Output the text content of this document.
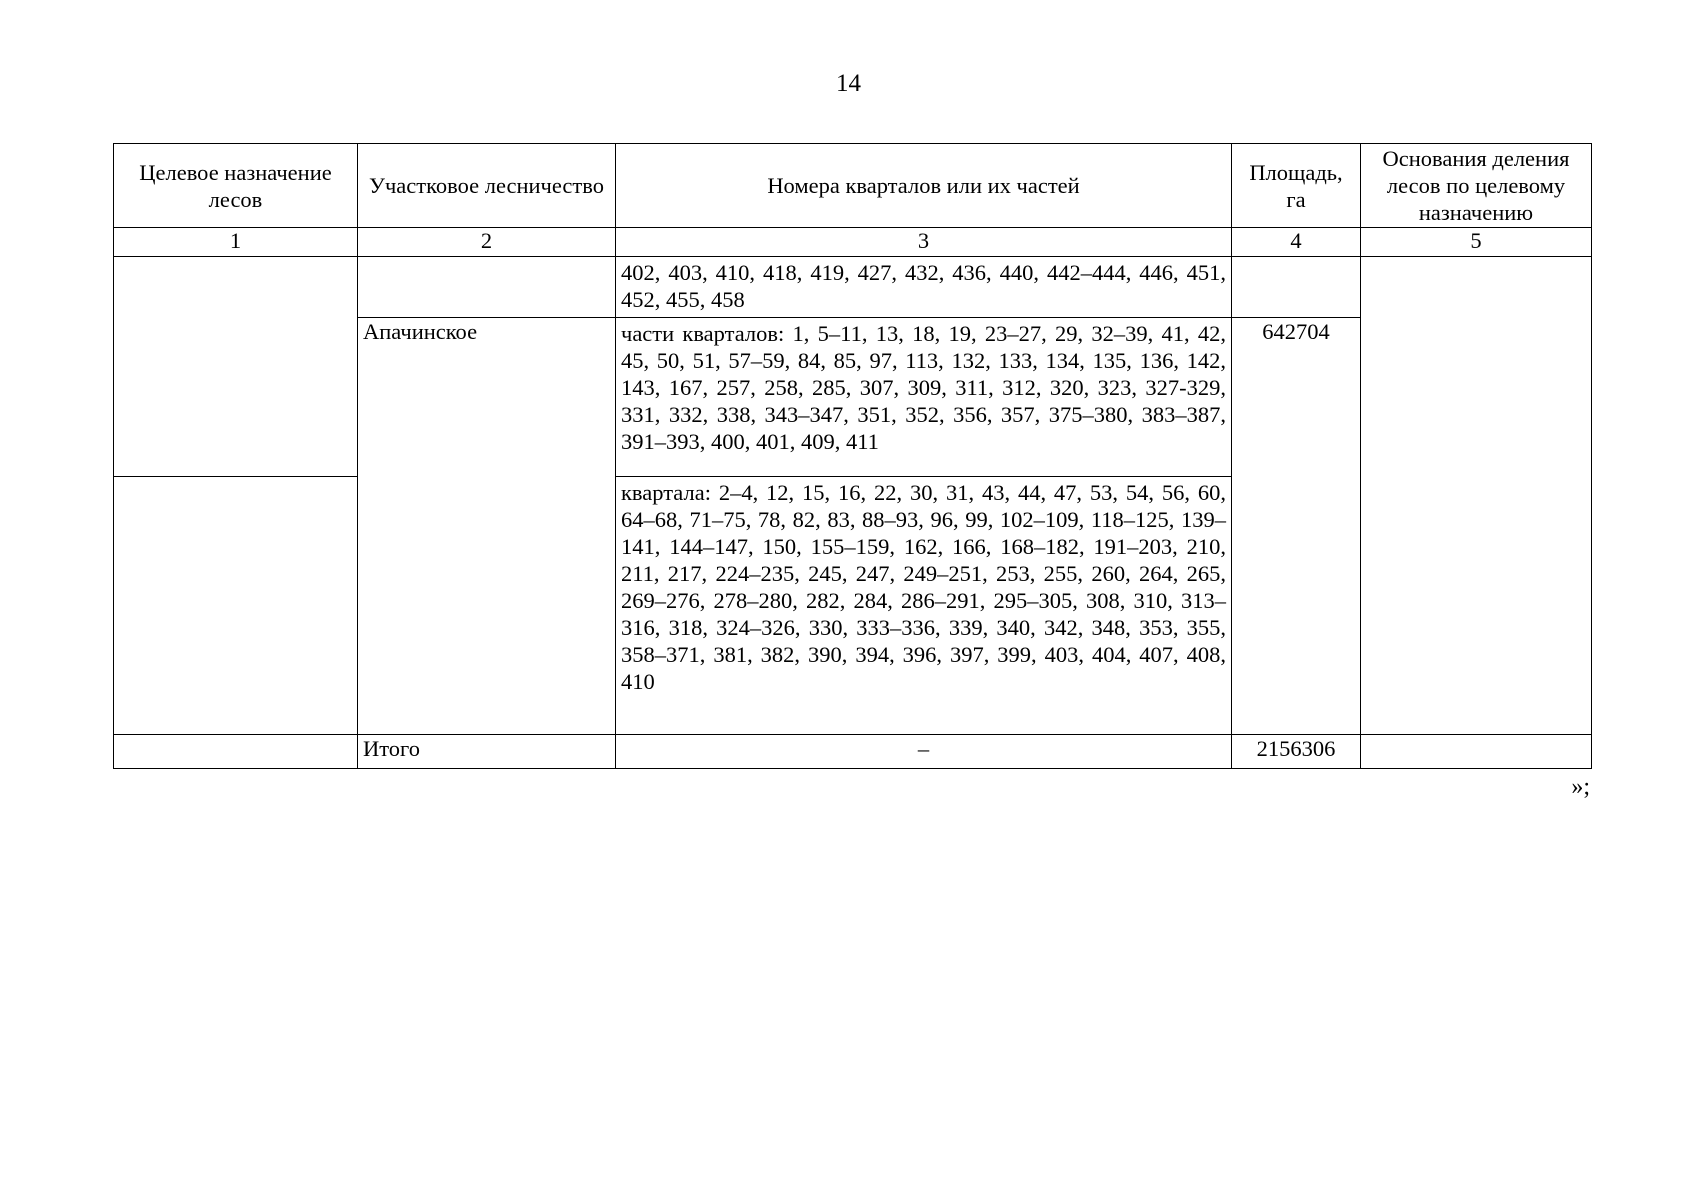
14
Целевое назначение лесов	Участковое лесничество	Номера кварталов или их частей	Площадь, га	Основания деления лесов по целевому назначению
1	2	3	4	5
		402, 403, 410, 418, 419, 427, 432, 436, 440, 442–444, 446, 451, 452, 455, 458		
	Апачинское	части кварталов: 1, 5–11, 13, 18, 19, 23–27, 29, 32–39, 41, 42, 45, 50, 51, 57–59, 84, 85, 97, 113, 132, 133, 134, 135, 136, 142, 143, 167, 257, 258, 285, 307, 309, 311, 312, 320, 323, 327-329, 331, 332, 338, 343–347, 351, 352, 356, 357, 375–380, 383–387, 391–393, 400, 401, 409, 411	642704	
		квартала: 2–4, 12, 15, 16, 22, 30, 31, 43, 44, 47, 53, 54, 56, 60, 64–68, 71–75, 78, 82, 83, 88–93, 96, 99, 102–109, 118–125, 139–141, 144–147, 150, 155–159, 162, 166, 168–182, 191–203, 210, 211, 217, 224–235, 245, 247, 249–251, 253, 255, 260, 264, 265, 269–276, 278–280, 282, 284, 286–291, 295–305, 308, 310, 313–316, 318, 324–326, 330, 333–336, 339, 340, 342, 348, 353, 355, 358–371, 381, 382, 390, 394, 396, 397, 399, 403, 404, 407, 408, 410		
	Итого	–	2156306	
»;
